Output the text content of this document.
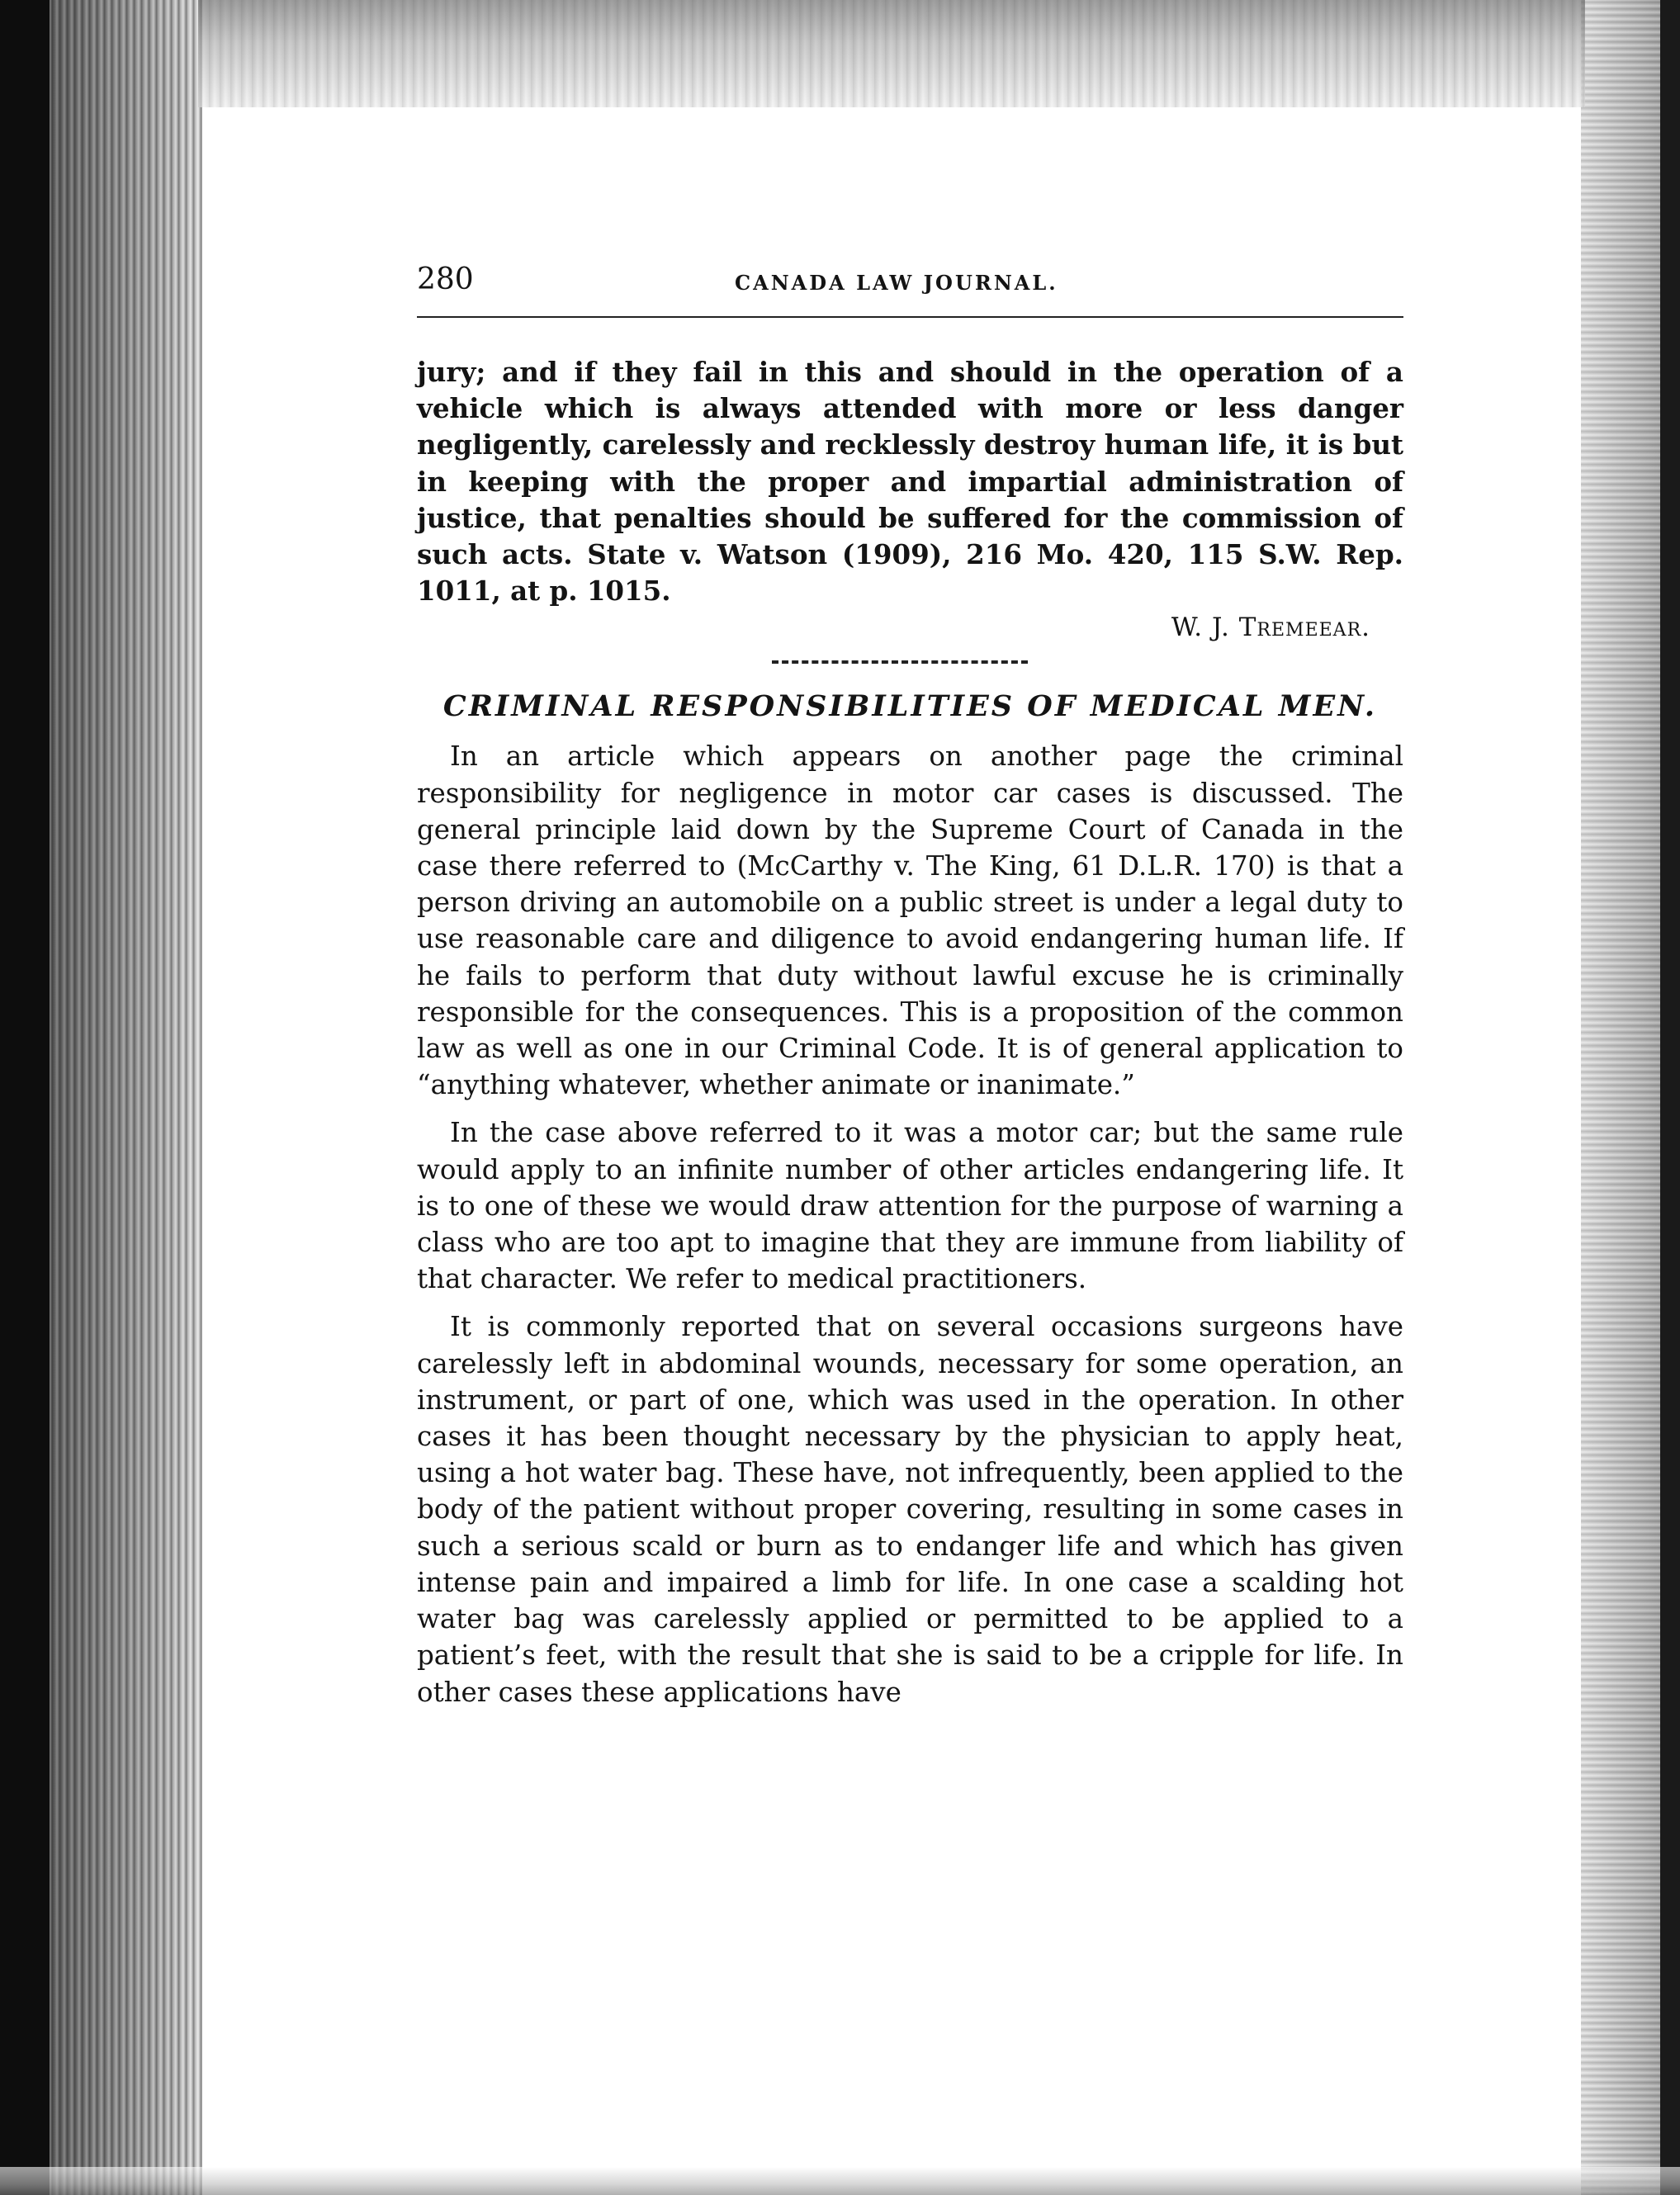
280	CANADA LAW JOURNAL.

jury; and if they fail in this and should in the operation of a vehicle which is always attended with more or less danger negligently, carelessly and recklessly destroy human life, it is but in keeping with the proper and impartial administration of justice, that penalties should be suffered for the commission of such acts. State v. Watson (1909), 216 Mo. 420, 115 S.W. Rep. 1011, at p. 1015.

W. J. Tremeear.
CRIMINAL RESPONSIBILITIES OF MEDICAL MEN.

In an article which appears on another page the criminal responsibility for negligence in motor car cases is discussed. The general principle laid down by the Supreme Court of Canada in the case there referred to (McCarthy v. The King, 61 D.L.R. 170) is that a person driving an automobile on a public street is under a legal duty to use reasonable care and diligence to avoid endangering human life. If he fails to perform that duty without lawful excuse he is criminally responsible for the consequences. This is a proposition of the common law as well as one in our Criminal Code. It is of general application to “anything whatever, whether animate or inanimate.”

In the case above referred to it was a motor car; but the same rule would apply to an infinite number of other articles endangering life. It is to one of these we would draw attention for the purpose of warning a class who are too apt to imagine that they are immune from liability of that character. We refer to medical practitioners.

It is commonly reported that on several occasions surgeons have carelessly left in abdominal wounds, necessary for some operation, an instrument, or part of one, which was used in the operation. In other cases it has been thought necessary by the physician to apply heat, using a hot water bag. These have, not infrequently, been applied to the body of the patient without proper covering, resulting in some cases in such a serious scald or burn as to endanger life and which has given intense pain and impaired a limb for life. In one case a scalding hot water bag was carelessly applied or permitted to be applied to a patient’s feet, with the result that she is said to be a cripple for life. In other cases these applications have
